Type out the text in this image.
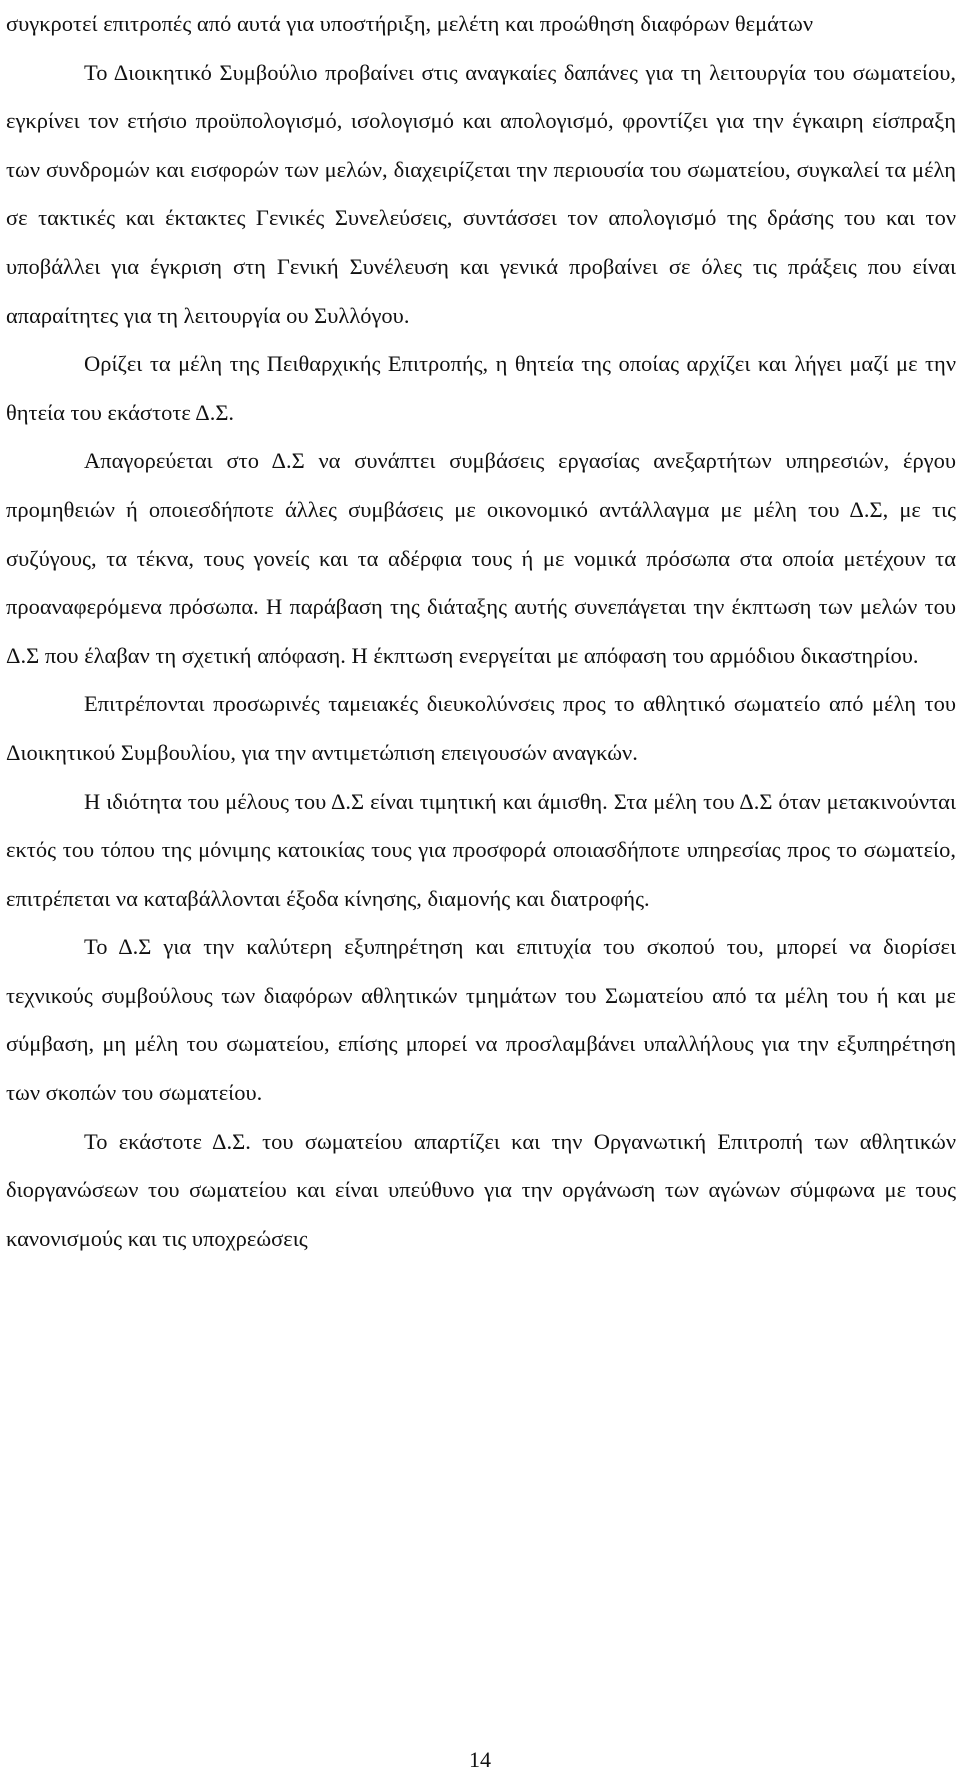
συγκροτεί επιτροπές από αυτά για υποστήριξη, μελέτη και προώθηση διαφόρων θεμάτων

Το Διοικητικό Συμβούλιο προβαίνει στις αναγκαίες δαπάνες για τη λειτουργία του σωματείου, εγκρίνει τον ετήσιο προϋπολογισμό, ισολογισμό και απολογισμό, φροντίζει για την έγκαιρη είσπραξη των συνδρομών και εισφορών των μελών, διαχειρίζεται την περιουσία του σωματείου, συγκαλεί τα μέλη σε τακτικές και έκτακτες Γενικές Συνελεύσεις, συντάσσει τον απολογισμό της δράσης του και τον υποβάλλει για έγκριση στη Γενική Συνέλευση και γενικά προβαίνει σε όλες τις πράξεις που είναι απαραίτητες για τη λειτουργία ου Συλλόγου.

Ορίζει τα μέλη της Πειθαρχικής Επιτροπής, η θητεία της οποίας αρχίζει και λήγει μαζί με την θητεία του εκάστοτε Δ.Σ.

Απαγορεύεται στο Δ.Σ να συνάπτει συμβάσεις εργασίας ανεξαρτήτων υπηρεσιών, έργου προμηθειών ή οποιεσδήποτε άλλες συμβάσεις με οικονομικό αντάλλαγμα με μέλη του Δ.Σ, με τις συζύγους, τα τέκνα, τους γονείς και τα αδέρφια τους ή με νομικά πρόσωπα στα οποία μετέχουν τα προαναφερόμενα πρόσωπα. Η παράβαση της διάταξης αυτής συνεπάγεται την έκπτωση των μελών του Δ.Σ που έλαβαν τη σχετική απόφαση. Η έκπτωση ενεργείται με απόφαση του αρμόδιου δικαστηρίου.

Επιτρέπονται προσωρινές ταμειακές διευκολύνσεις προς το αθλητικό σωματείο από μέλη του Διοικητικού Συμβουλίου, για την αντιμετώπιση επειγουσών αναγκών.

Η ιδιότητα του μέλους του Δ.Σ είναι τιμητική και άμισθη. Στα μέλη του Δ.Σ όταν μετακινούνται εκτός του τόπου της μόνιμης κατοικίας τους για προσφορά οποιασδήποτε υπηρεσίας προς το σωματείο, επιτρέπεται να καταβάλλονται έξοδα κίνησης, διαμονής και διατροφής.

Το Δ.Σ για την καλύτερη εξυπηρέτηση και επιτυχία του σκοπού του, μπορεί να διορίσει τεχνικούς συμβούλους των διαφόρων αθλητικών τμημάτων του Σωματείου από τα μέλη του ή και με σύμβαση, μη μέλη του σωματείου, επίσης μπορεί να προσλαμβάνει υπαλλήλους για την εξυπηρέτηση των σκοπών του σωματείου.

Το εκάστοτε Δ.Σ. του σωματείου απαρτίζει και την Οργανωτική Επιτροπή των αθλητικών διοργανώσεων του σωματείου και είναι υπεύθυνο για την οργάνωση των αγώνων σύμφωνα με τους κανονισμούς και τις υποχρεώσεις

14
